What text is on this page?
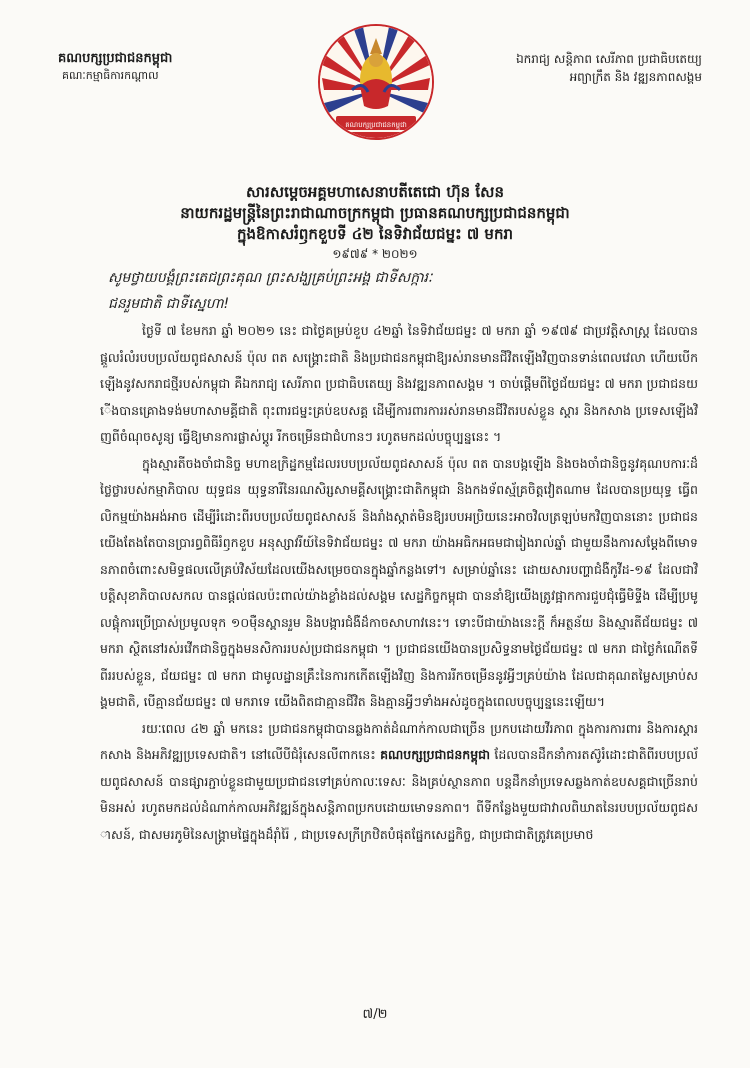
គណបក្សប្រជាជនកម្ពុជា
គណៈកម្មាធិការកណ្តាល
គណបក្សប្រជាជនកម្ពុជា
ឯករាជ្យ សន្តិភាព សេរីភាព ប្រជាធិបតេយ្យ
អព្យាក្រឹត និង វឌ្ឍនភាពសង្គម
សារសម្តេចអគ្គមហាសេនាបតីតេជោ ហ៊ុន សែន
នាយករដ្ឋមន្ត្រីនៃព្រះរាជាណាចក្រកម្ពុជា ប្រធានគណបក្សប្រជាជនកម្ពុជា
ក្នុងឱកាសរំឭកខួបទី ៤២ នៃទិវាជ័យជម្នះ ៧ មករា
១៩៧៩ * ២០២១
សូមថ្វាយបង្គំព្រះតេជព្រះគុណ ព្រះសង្ឃគ្រប់ព្រះអង្គ ជាទីសក្ការៈ
ជនរួមជាតិ ជាទីស្នេហា!

ថ្ងៃទី ៧ ខែមករា ឆ្នាំ ២០២១ នេះ ជាថ្ងៃគម្រប់ខួប ៤២ឆ្នាំ នៃទិវាជ័យជម្នះ ៧ មករា ឆ្នាំ ១៩៧៩ ជាប្រវត្តិសាស្ត្រ ដែលបានផ្តួលរំលំរបបប្រល័យពូជសាសន៍ ប៉ុល ពត សង្គ្រោះជាតិ និងប្រជាជនកម្ពុជាឱ្យរស់រានមានជីវិតឡើងវិញបានទាន់ពេលវេលា ហើយបើកឡើងនូវសករាជថ្មីរបស់កម្ពុជា គឺឯករាជ្យ សេរីភាព ប្រជាធិបតេយ្យ និងវឌ្ឍនភាពសង្គម ។ ចាប់ផ្តើមពីថ្ងៃជ័យជម្នះ ៧ មករា ប្រជាជនយើងបានគ្រោងទង់មហាសាមគ្គីជាតិ ពុះពារជម្នះគ្រប់ឧបសគ្គ ដើម្បីការពារការរស់រានមានជីវិតរបស់ខ្លួន ស្តារ និងកសាង ប្រទេសឡើងវិញពីចំណុចសូន្យ ធ្វើឱ្យមានការផ្លាស់ប្តូរ រីកចម្រើនជាជំហានៗ រហូតមកដល់បច្ចុប្បន្ននេះ ។

ក្នុងស្មារតីចងចាំជានិច្ច មហាឧក្រិដ្ឋកម្មដែលរបបប្រល័យពូជសាសន៍ ប៉ុល ពត បានបង្កឡើង និងចងចាំជានិច្ចនូវគុណបការៈដ៏ថ្លៃថ្លារបស់កម្មាភិបាល យុទ្ធជន យុទ្ធនារីនៃរណសិរ្សសាមគ្គីសង្គ្រោះជាតិកម្ពុជា និងកងទ័ពស្ម័គ្រចិត្តវៀតណាម ដែលបានប្រយុទ្ធ ធ្វើពលិកម្មយ៉ាងអង់អាច ដើម្បីរំដោះពីរបបប្រល័យពូជសាសន៍ និងរាំងស្កាត់មិនឱ្យរបបអប្រិយនេះអាចវិលត្រឡប់មកវិញបាននោះ ប្រជាជនយើងតែងតែបានប្រារព្ធពិធីរំឭកខួប អនុស្សាវរីយ៍នៃទិវាជ័យជម្នះ ៧ មករា យ៉ាងអធិកអធមជារៀងរាល់ឆ្នាំ ជាមួយនឹងការសម្តែងពីមោទនភាពចំពោះសមិទ្ធផលលើគ្រប់វិស័យដែលយើងសម្រេចបានក្នុងឆ្នាំកន្លងទៅ។ សម្រាប់ឆ្នាំនេះ ដោយសារបញ្ហាជំងឺកូវីដ-១៩ ដែលជាវិបត្តិសុខាភិបាលសកល បានផ្តល់ផលប៉ះពាល់យ៉ាងខ្លាំងដល់សង្គម សេដ្ឋកិច្ចកម្ពុជា បាននាំឱ្យយើងត្រូវផ្អាកការជួបជុំធ្វើមិទ្ទីង ដើម្បីប្រមូលផ្តុំការប្រើប្រាស់ប្រមូលទុក ១០ម៉ឺនស្ពានរួម និងបង្ការជំងឺដ៏កាចសាហាវនេះ។ ទោះបីជាយ៉ាងនេះក្តី ក៏អត្ថន័យ និងស្មារតីជ័យជម្នះ ៧ មករា ស្ថិតនៅរស់រវើកជានិច្ចក្នុងមនសិការរបស់ប្រជាជនកម្ពុជា ។ ប្រជាជនយើងបានប្រសិទ្ធនាមថ្ងៃជ័យជម្នះ ៧ មករា ជាថ្ងៃកំណើតទីពីររបស់ខ្លួន, ជ័យជម្នះ ៧ មករា ជាមូលដ្ឋានគ្រឹះនៃការកកើតឡើងវិញ និងការរីកចម្រើននូវអ្វីៗគ្រប់យ៉ាង ដែលជាគុណតម្លៃសម្រាប់សង្គមជាតិ, បើគ្មានជ័យជម្នះ ៧ មករាទេ យើងពិតជាគ្មានជីវិត និងគ្មានអ្វីៗទាំងអស់ដូចក្នុងពេលបច្ចុប្បន្ននេះឡើយ។

រយៈពេល ៤២ ឆ្នាំ មកនេះ ប្រជាជនកម្ពុជាបានឆ្លងកាត់ដំណាក់កាលជាច្រើន ប្រកបដោយវីរភាព ក្នុងការការពារ និងការស្តារ កសាង និងអភិវឌ្ឍប្រទេសជាតិ។ នៅលើបីជំរុំសេនលីពាកនេះ គណបក្សប្រជាជនកម្ពុជា ដែលបានដឹកនាំការតស៊ូរំដោះជាតិពីរបបប្រល័យពូជសាសន៍ បានផ្សារភ្ជាប់ខ្លួនជាមួយប្រជាជនទៅគ្រប់កាលៈទេសៈ និងគ្រប់ស្ថានភាព បន្តដឹកនាំប្រទេសឆ្លងកាត់ឧបសគ្គជាច្រើនរាប់មិនអស់ រហូតមកដល់ដំណាក់កាលអភិវឌ្ឍន៍ក្នុងសន្តិភាពប្រកបដោយមោទនភាព។ ពីទីកន្លែងមួយជាវាលពិឃាតនៃរបបប្រល័យពូជសាសន៍, ជាសមរភូមិនៃសង្គ្រាមផ្ទៃក្នុងដ៏រ៉ាំរ៉ៃ , ជាប្រទេសក្រីក្រឋិតបំផុតផ្នែកសេដ្ឋកិច្ច, ជាប្រជាជាតិត្រូវគេប្រមាថ

៧/២
